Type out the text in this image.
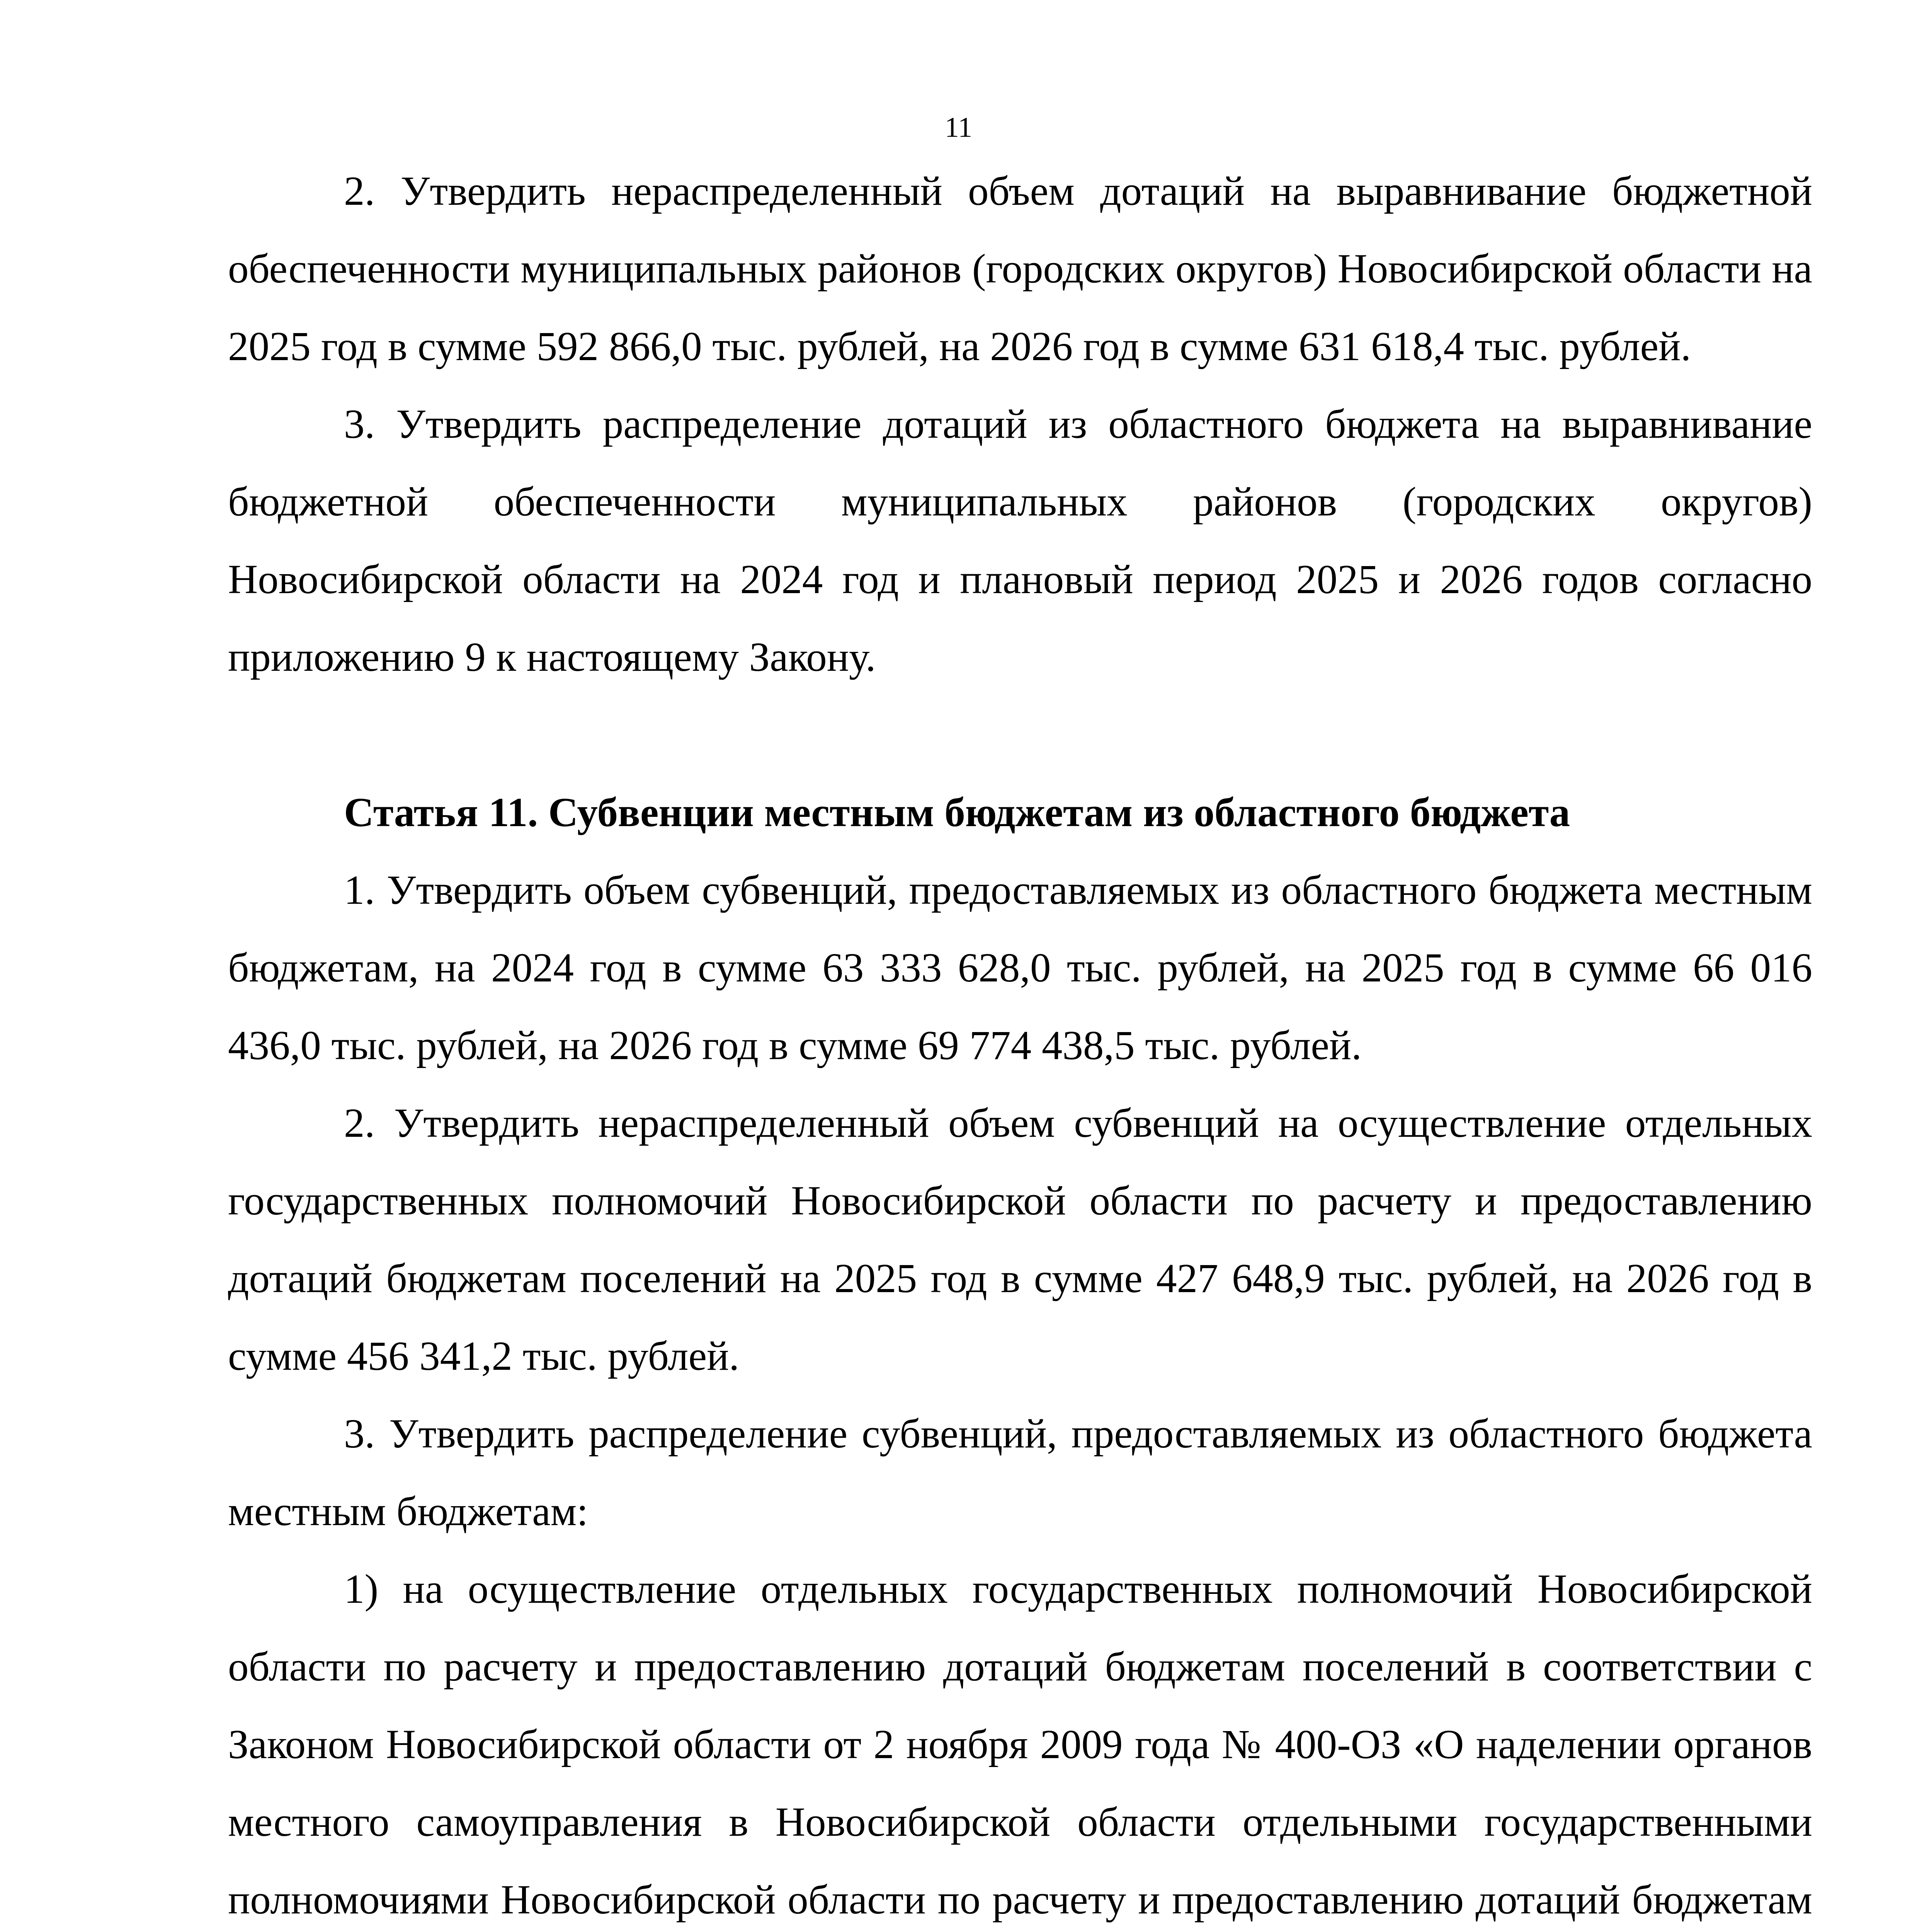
11

2. Утвердить нераспределенный объем дотаций на выравнивание бюджетной обеспеченности муниципальных районов (городских округов) Новосибирской области на 2025 год в сумме 592 866,0 тыс. рублей, на 2026 год в сумме 631 618,4 тыс. рублей.

3. Утвердить распределение дотаций из областного бюджета на выравнивание бюджетной обеспеченности муниципальных районов (городских округов) Новосибирской области на 2024 год и плановый период 2025 и 2026 годов согласно приложению 9 к настоящему Закону.

Статья 11. Субвенции местным бюджетам из областного бюджета

1. Утвердить объем субвенций, предоставляемых из областного бюджета местным бюджетам, на 2024 год в сумме 63 333 628,0 тыс. рублей, на 2025 год в сумме 66 016 436,0 тыс. рублей, на 2026 год в сумме 69 774 438,5 тыс. рублей.

2. Утвердить нераспределенный объем субвенций на осуществление отдельных государственных полномочий Новосибирской области по расчету и предоставлению дотаций бюджетам поселений на 2025 год в сумме 427 648,9 тыс. рублей, на 2026 год в сумме 456 341,2 тыс. рублей.

3. Утвердить распределение субвенций, предоставляемых из областного бюджета местным бюджетам:

1) на осуществление отдельных государственных полномочий Новосибирской области по расчету и предоставлению дотаций бюджетам поселений в соответствии с Законом Новосибирской области от 2 ноября 2009 года № 400-ОЗ «О наделении органов местного самоуправления в Новосибирской области отдельными государственными полномочиями Новосибирской области по расчету и предоставлению дотаций бюджетам
